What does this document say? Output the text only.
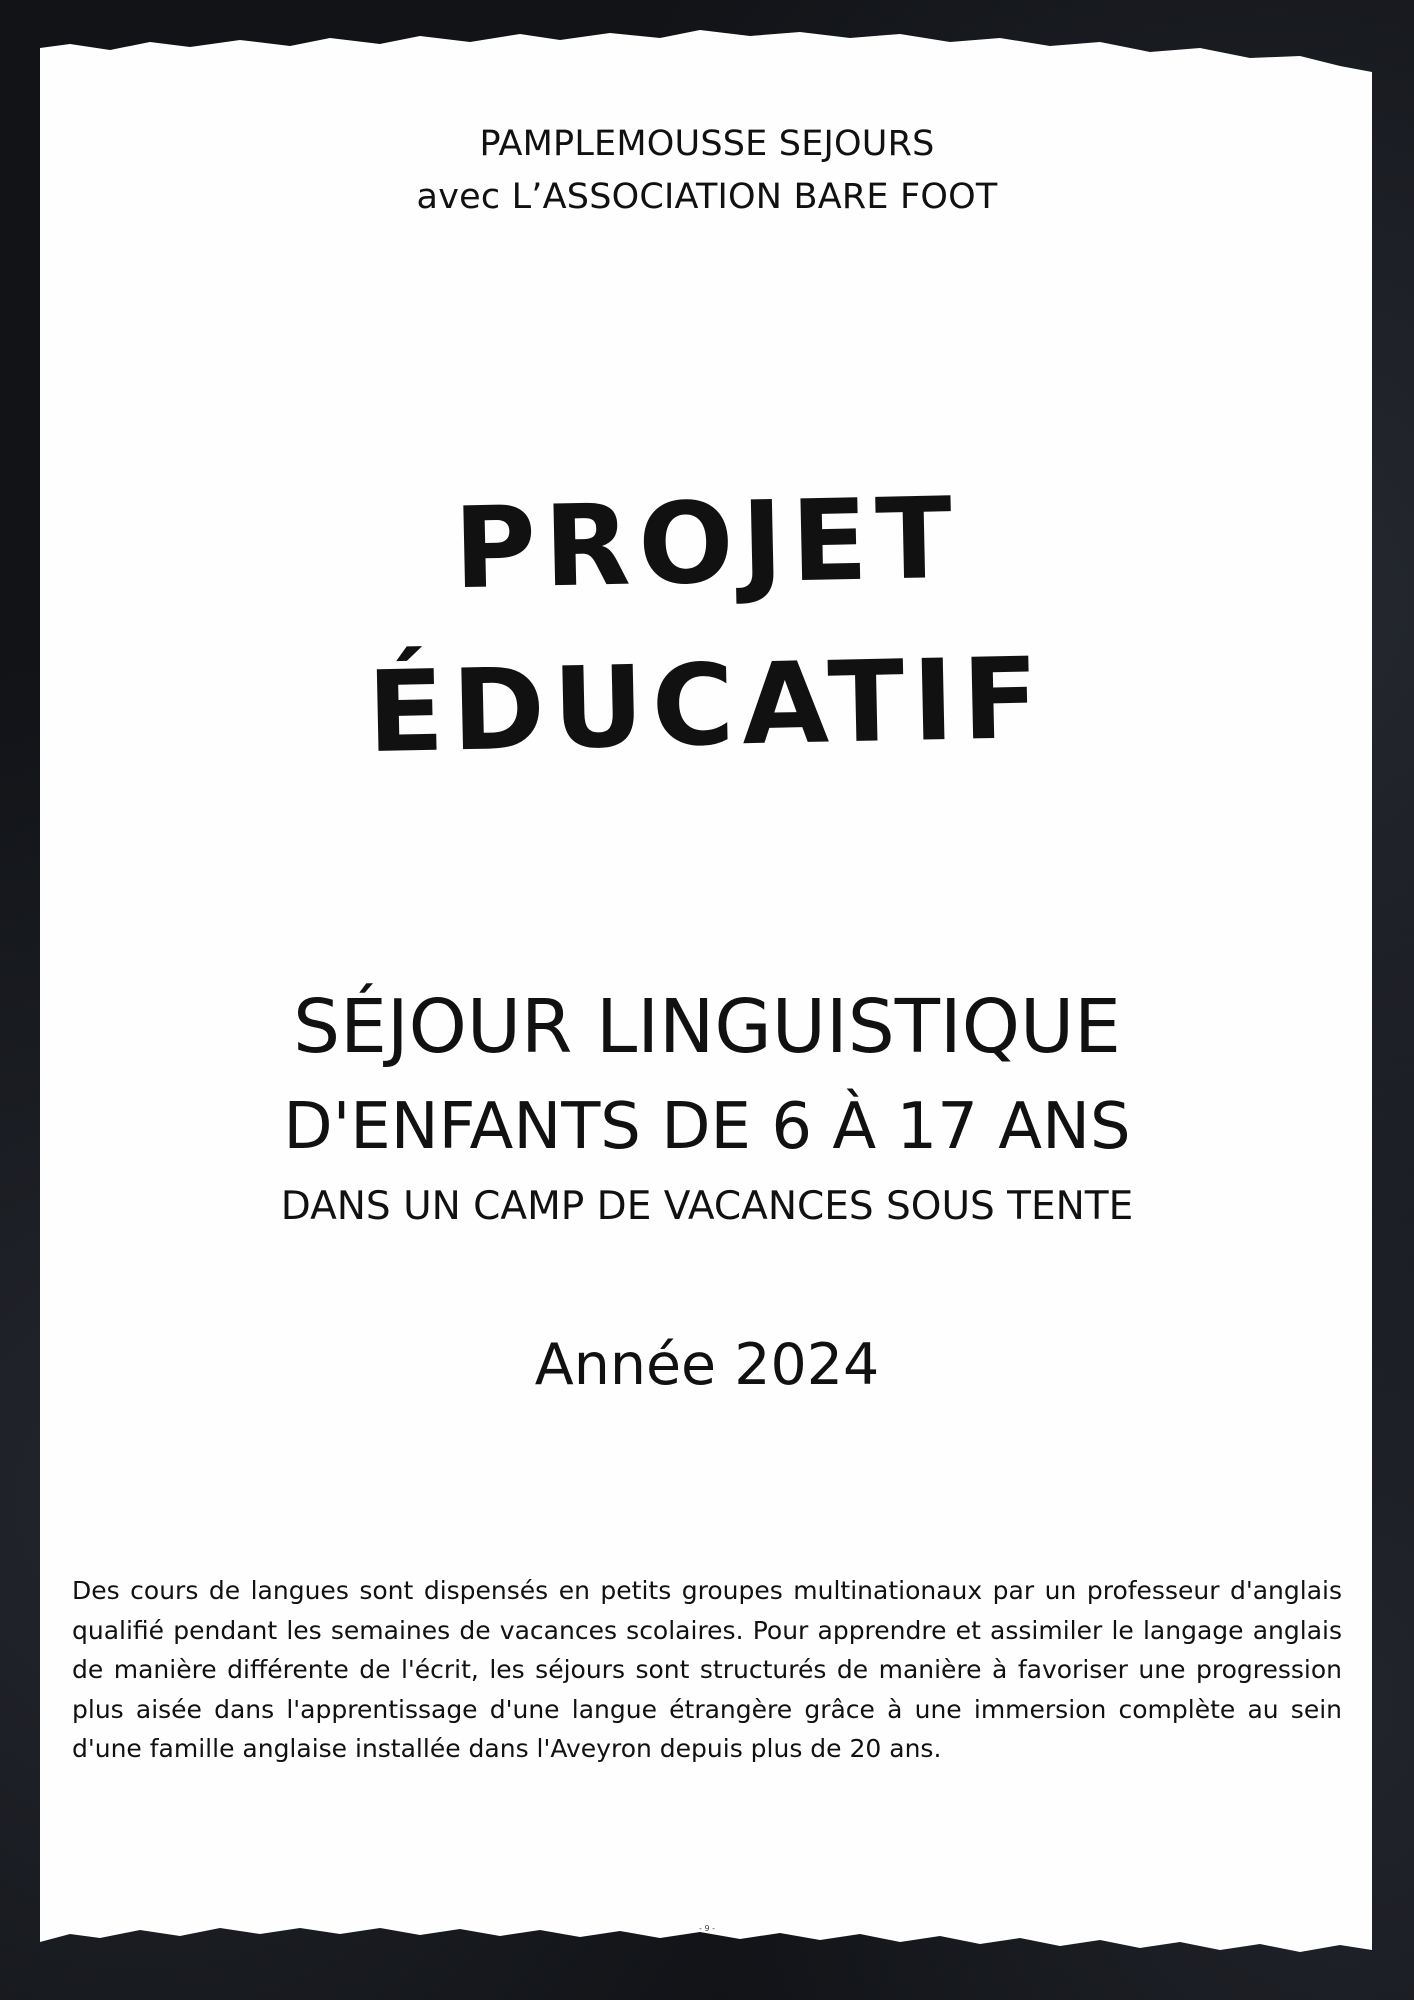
PAMPLEMOUSSE SEJOURS
avec L’ASSOCIATION BARE FOOT
PROJET
ÉDUCATIF
SÉJOUR LINGUISTIQUE
D'ENFANTS DE 6 À 17 ANS
DANS UN CAMP DE VACANCES SOUS TENTE
Année 2024
Des cours de langues sont dispensés en petits groupes multinationaux par un professeur d'anglais qualifié pendant les semaines de vacances scolaires. Pour apprendre et assimiler le langage anglais de manière différente de l'écrit, les séjours sont structurés de manière à favoriser une progression plus aisée dans l'apprentissage d'une langue étrangère grâce à une immersion complète au sein d'une famille anglaise installée dans l'Aveyron depuis plus de 20 ans.
- 9 -
